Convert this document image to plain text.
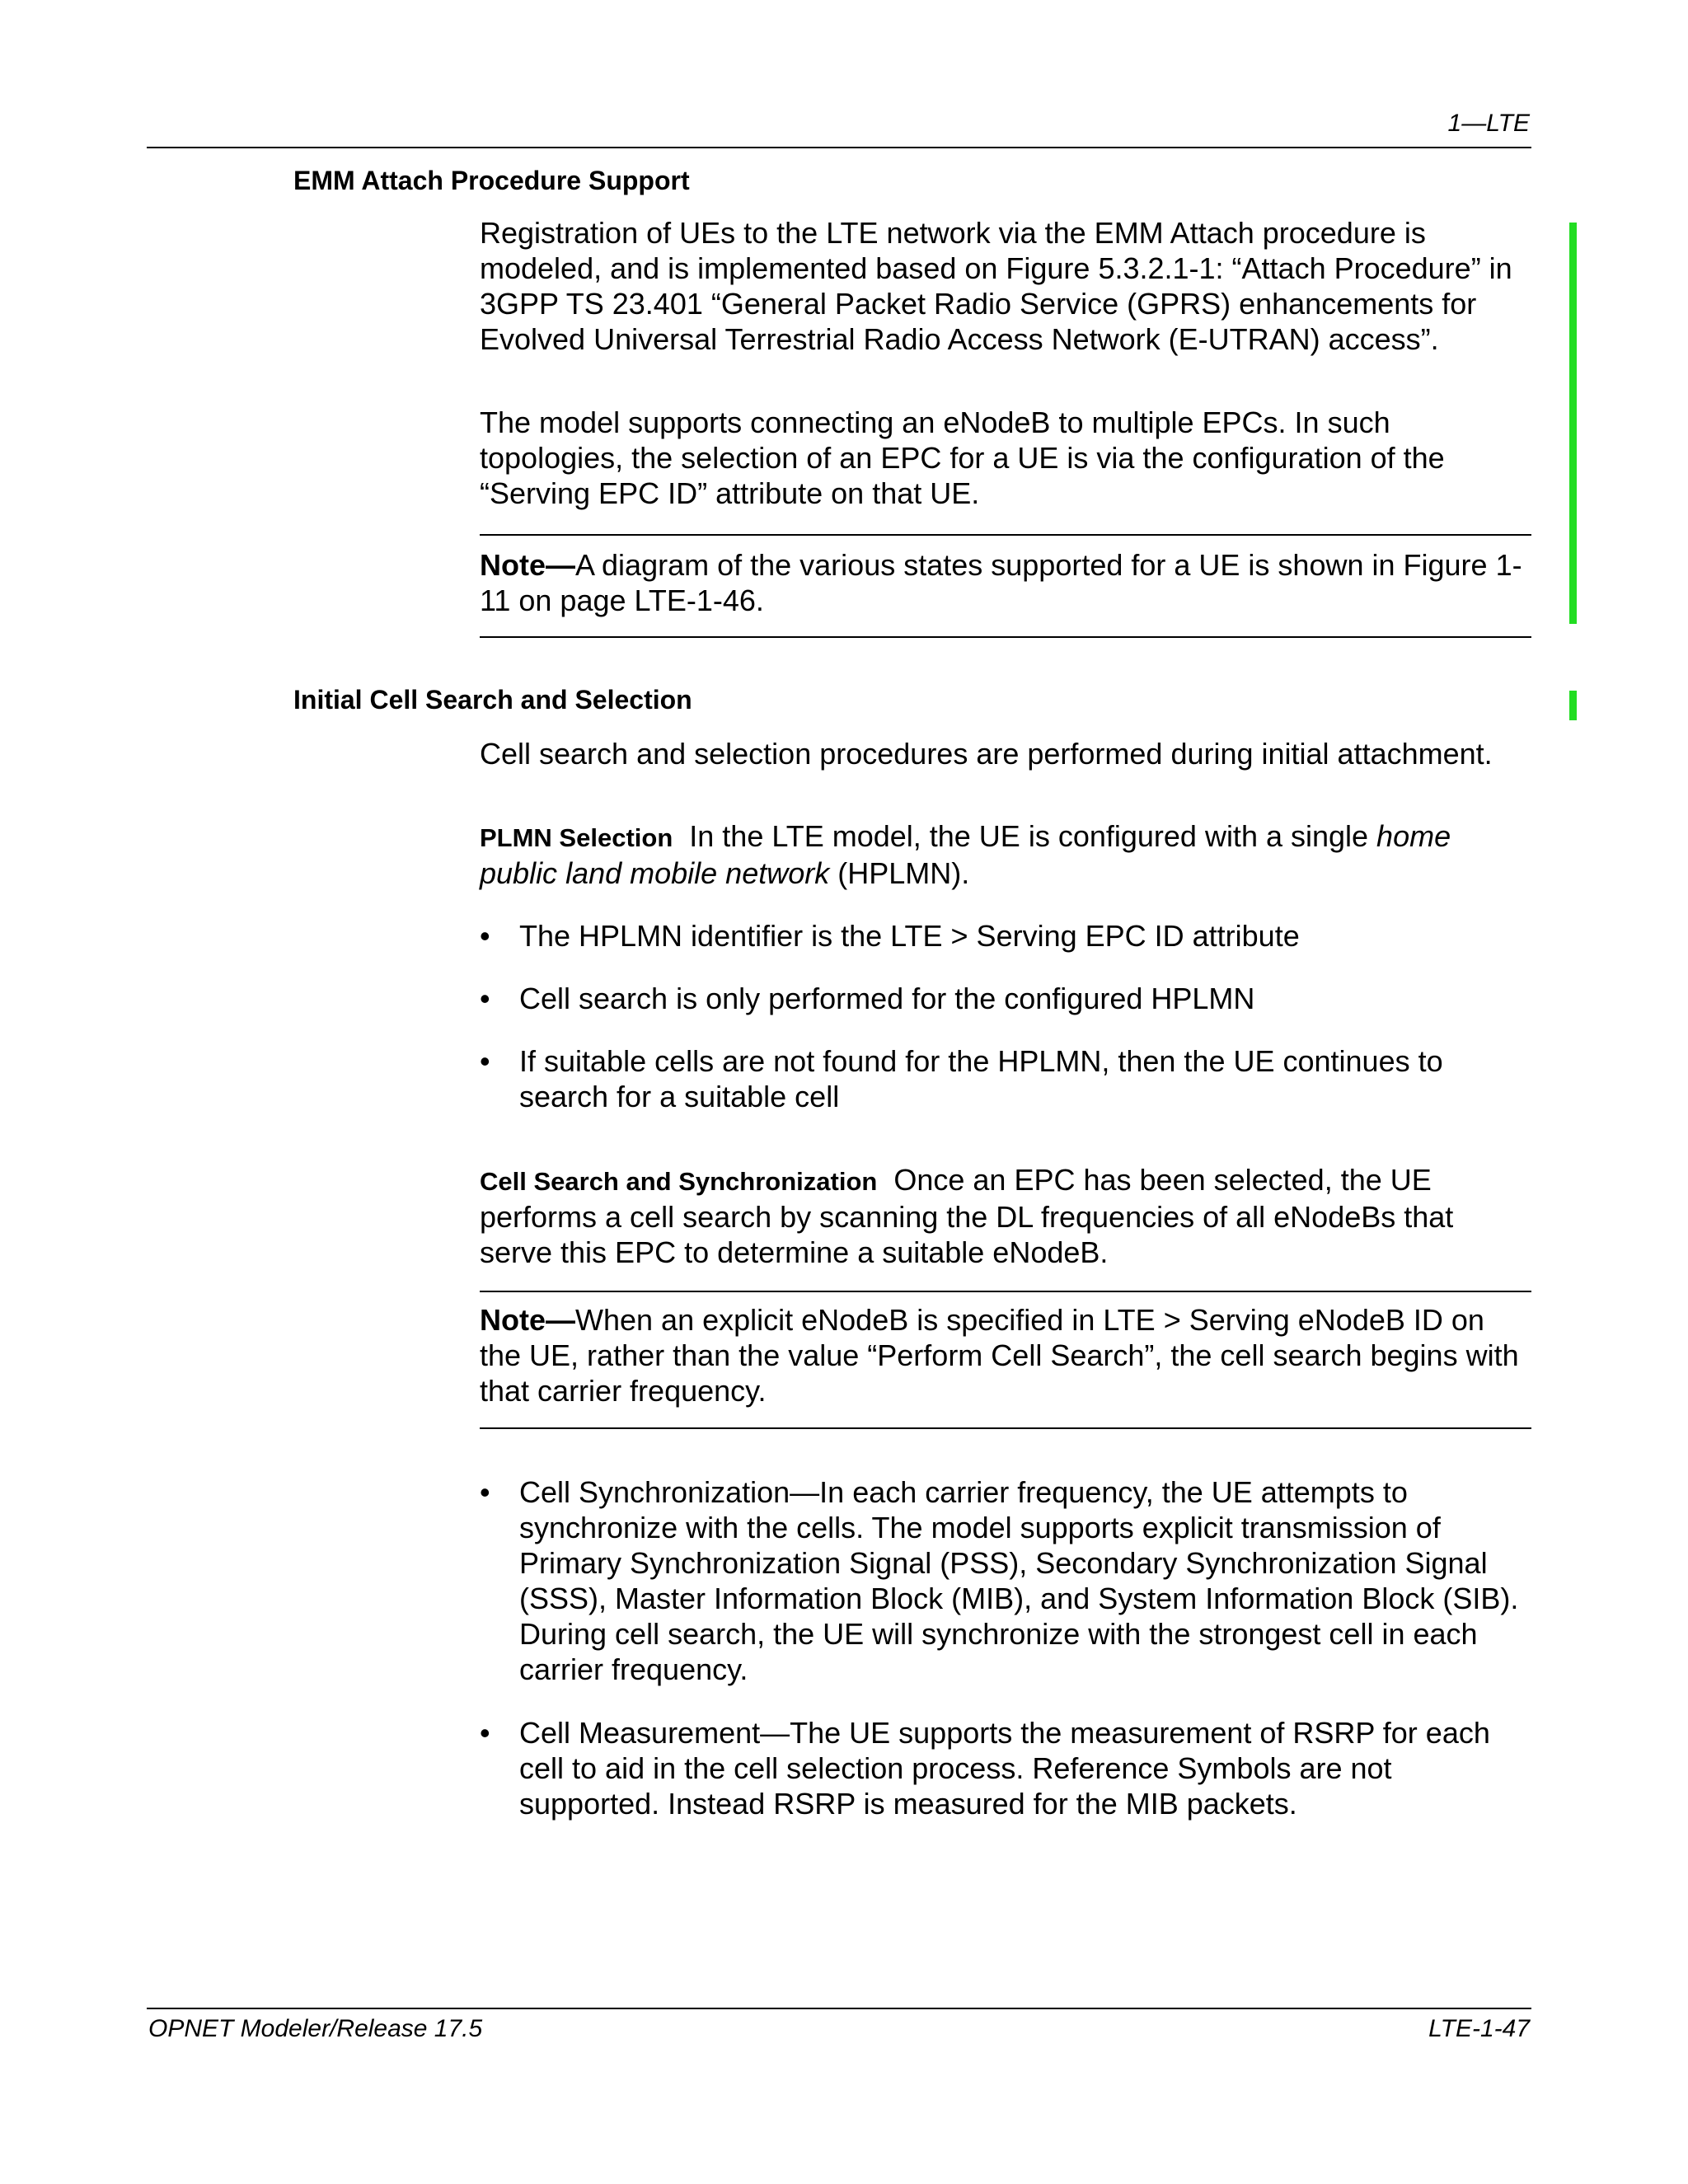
1—LTE
EMM Attach Procedure Support

Registration of UEs to the LTE network via the EMM Attach procedure is modeled, and is implemented based on Figure 5.3.2.1-1: “Attach Procedure” in 3GPP TS 23.401 “General Packet Radio Service (GPRS) enhancements for Evolved Universal Terrestrial Radio Access Network (E-UTRAN) access”.

The model supports connecting an eNodeB to multiple EPCs. In such topologies, the selection of an EPC for a UE is via the configuration of the “Serving EPC ID” attribute on that UE.

Note—A diagram of the various states supported for a UE is shown in Figure 1-11 on page LTE-1-46.

Initial Cell Search and Selection

Cell search and selection procedures are performed during initial attachment.

PLMN Selection In the LTE model, the UE is configured with a single home public land mobile network (HPLMN).

• The HPLMN identifier is the LTE > Serving EPC ID attribute
• Cell search is only performed for the configured HPLMN
• If suitable cells are not found for the HPLMN, then the UE continues to search for a suitable cell

Cell Search and Synchronization Once an EPC has been selected, the UE performs a cell search by scanning the DL frequencies of all eNodeBs that serve this EPC to determine a suitable eNodeB.

Note—When an explicit eNodeB is specified in LTE > Serving eNodeB ID on the UE, rather than the value “Perform Cell Search”, the cell search begins with that carrier frequency.

• Cell Synchronization—In each carrier frequency, the UE attempts to synchronize with the cells. The model supports explicit transmission of Primary Synchronization Signal (PSS), Secondary Synchronization Signal (SSS), Master Information Block (MIB), and System Information Block (SIB). During cell search, the UE will synchronize with the strongest cell in each carrier frequency.
• Cell Measurement—The UE supports the measurement of RSRP for each cell to aid in the cell selection process. Reference Symbols are not supported. Instead RSRP is measured for the MIB packets.
OPNET Modeler/Release 17.5	LTE-1-47
